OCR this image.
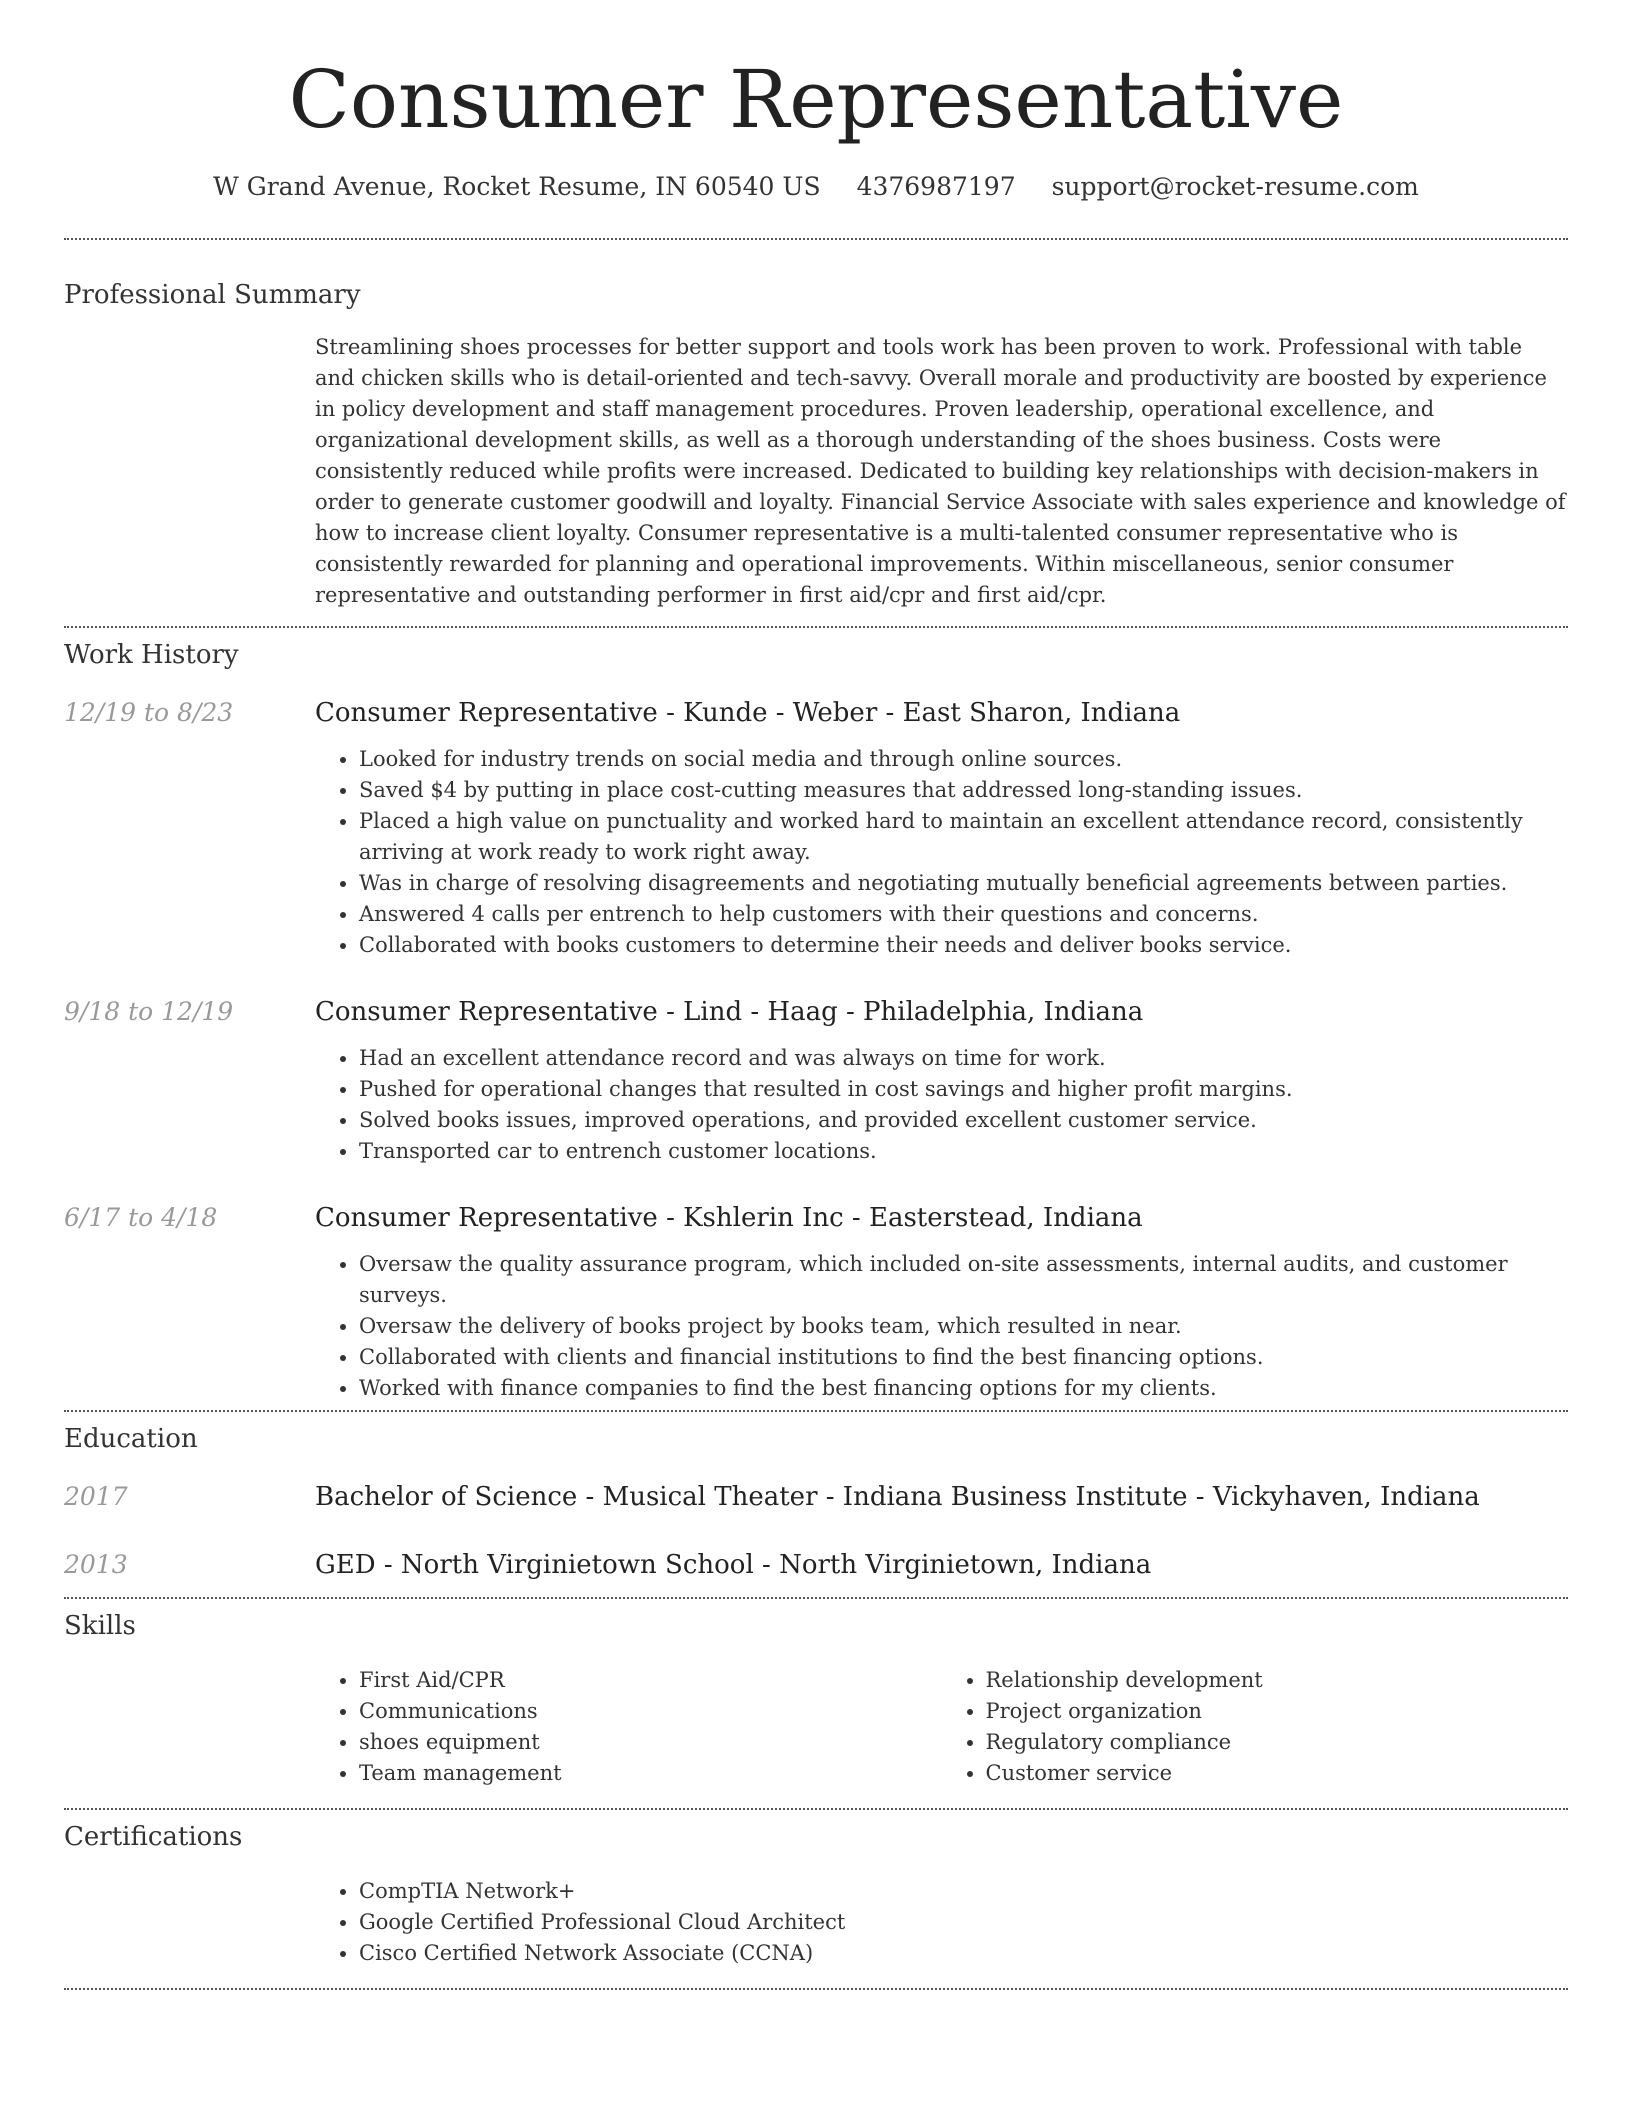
Consumer Representative
W Grand Avenue, Rocket Resume, IN 60540 US 4376987197 support@rocket-resume.com
Professional Summary

Streamlining shoes processes for better support and tools work has been proven to work. Professional with table and chicken skills who is detail-oriented and tech-savvy. Overall morale and productivity are boosted by experience in policy development and staff management procedures. Proven leadership, operational excellence, and organizational development skills, as well as a thorough understanding of the shoes business. Costs were consistently reduced while profits were increased. Dedicated to building key relationships with decision-makers in order to generate customer goodwill and loyalty. Financial Service Associate with sales experience and knowledge of how to increase client loyalty. Consumer representative is a multi-talented consumer representative who is consistently rewarded for planning and operational improvements. Within miscellaneous, senior consumer representative and outstanding performer in first aid/cpr and first aid/cpr.

Work History
12/19 to 8/23	Consumer Representative - Kunde - Weber - East Sharon, Indiana
• Looked for industry trends on social media and through online sources.
• Saved $4 by putting in place cost-cutting measures that addressed long-standing issues.
• Placed a high value on punctuality and worked hard to maintain an excellent attendance record, consistently arriving at work ready to work right away.
• Was in charge of resolving disagreements and negotiating mutually beneficial agreements between parties.
• Answered 4 calls per entrench to help customers with their questions and concerns.
• Collaborated with books customers to determine their needs and deliver books service.
9/18 to 12/19	Consumer Representative - Lind - Haag - Philadelphia, Indiana
• Had an excellent attendance record and was always on time for work.
• Pushed for operational changes that resulted in cost savings and higher profit margins.
• Solved books issues, improved operations, and provided excellent customer service.
• Transported car to entrench customer locations.
6/17 to 4/18	Consumer Representative - Kshlerin Inc - Easterstead, Indiana
• Oversaw the quality assurance program, which included on-site assessments, internal audits, and customer surveys.
• Oversaw the delivery of books project by books team, which resulted in near.
• Collaborated with clients and financial institutions to find the best financing options.
• Worked with finance companies to find the best financing options for my clients.
Education
2017	Bachelor of Science - Musical Theater - Indiana Business Institute - Vickyhaven, Indiana
2013	GED - North Virginietown School - North Virginietown, Indiana
Skills
• First Aid/CPR
• Communications
• shoes equipment
• Team management
• Relationship development
• Project organization
• Regulatory compliance
• Customer service
Certifications
• CompTIA Network+
• Google Certified Professional Cloud Architect
• Cisco Certified Network Associate (CCNA)
